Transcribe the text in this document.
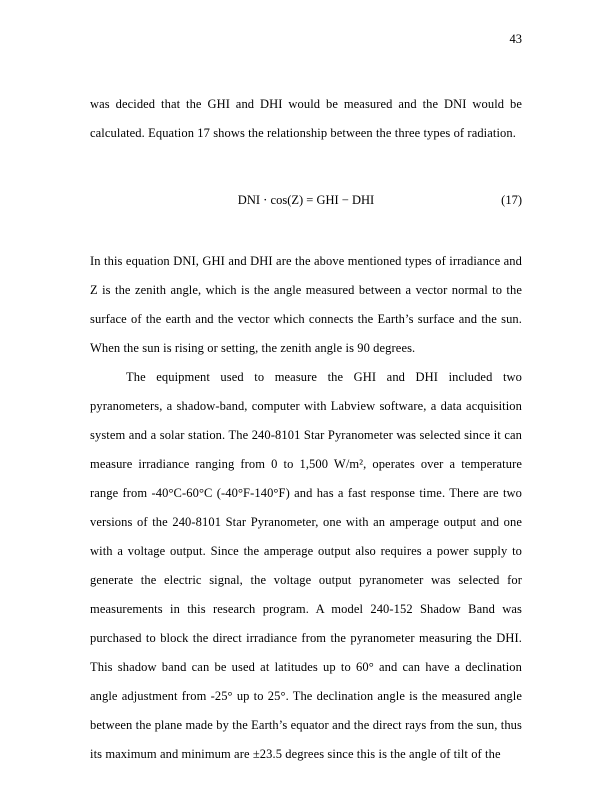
43

was decided that the GHI and DHI would be measured and the DNI would be calculated. Equation 17 shows the relationship between the three types of radiation.

DNI ⋅ cos(Z) = GHI − DHI	(17)

In this equation DNI, GHI and DHI are the above mentioned types of irradiance and Z is the zenith angle, which is the angle measured between a vector normal to the surface of the earth and the vector which connects the Earth’s surface and the sun. When the sun is rising or setting, the zenith angle is 90 degrees.

The equipment used to measure the GHI and DHI included two pyranometers, a shadow-band, computer with Labview software, a data acquisition system and a solar station. The 240-8101 Star Pyranometer was selected since it can measure irradiance ranging from 0 to 1,500 W/m², operates over a temperature range from -40°C-60°C (-40°F-140°F) and has a fast response time. There are two versions of the 240-8101 Star Pyranometer, one with an amperage output and one with a voltage output. Since the amperage output also requires a power supply to generate the electric signal, the voltage output pyranometer was selected for measurements in this research program. A model 240-152 Shadow Band was purchased to block the direct irradiance from the pyranometer measuring the DHI. This shadow band can be used at latitudes up to 60° and can have a declination angle adjustment from -25° up to 25°. The declination angle is the measured angle between the plane made by the Earth’s equator and the direct rays from the sun, thus its maximum and minimum are ±23.5 degrees since this is the angle of tilt of the
